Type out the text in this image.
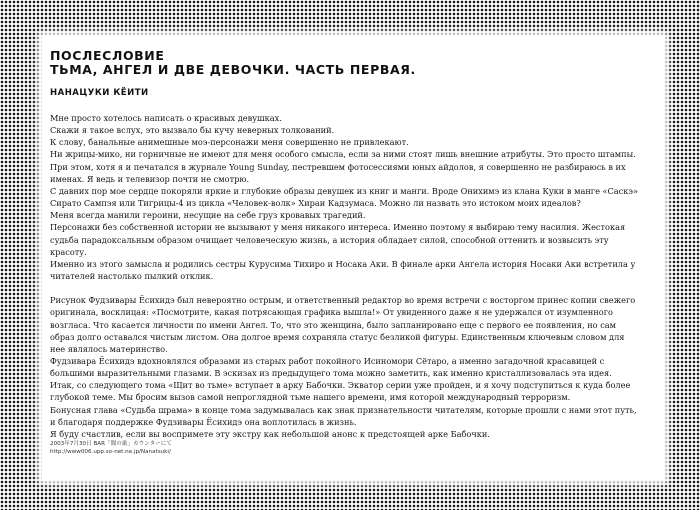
ПОСЛЕСЛОВИЕ
ТЬМА, АНГЕЛ И ДВЕ ДЕВОЧКИ. ЧАСТЬ ПЕРВАЯ.
НАНАЦУКИ КЁИТИ

Мне просто хотелось написать о красивых девушках.

Скажи я такое вслух, это вызвало бы кучу неверных толкований.

К слову, банальные анимешные моэ-персонажи меня совершенно не привлекают.

Ни жрицы-мико, ни горничные не имеют для меня особого смысла, если за ними стоят лишь внешние атрибуты. Это просто штампы. При этом, хотя я и печатался в журнале Young Sunday, пестревшем фотосессиями юных айдолов, я совершенно не разбираюсь в их именах. Я ведь и телевизор почти не смотрю.

С давних пор мое сердце покоряли яркие и глубокие образы девушек из книг и манги. Вроде Онихимэ из клана Куки в манге «Саскэ» Сирато Сампэя или Тигрицы-4 из цикла «Человек-волк» Хираи Кадзумаса. Можно ли назвать это истоком моих идеалов?

Меня всегда манили героини, несущие на себе груз кровавых трагедий.

Персонажи без собственной истории не вызывают у меня никакого интереса. Именно поэтому я выбираю тему насилия. Жестокая судьба парадоксальным образом очищает человеческую жизнь, а история обладает силой, способной оттенить и возвысить эту красоту.

Именно из этого замысла и родились сестры Курусима Тихиро и Носака Аки. В финале арки Ангела история Носаки Аки встретила у читателей настолько пылкий отклик.

Рисунок Фудзивары Ёсихидэ был невероятно острым, и ответственный редактор во время встречи с восторгом принес копии свежего оригинала, восклицая: «Посмотрите, какая потрясающая графика вышла!» От увиденного даже я не удержался от изумленного возгласа. Что касается личности по имени Ангел. То, что это женщина, было запланировано еще с первого ее появления, но сам образ долго оставался чистым листом. Она долгое время сохраняла статус безликой фигуры. Единственным ключевым словом для нее являлось материнство.

Фудзивара Ёсихидэ вдохновлялся образами из старых работ покойного Исиномори Сётаро, а именно загадочной красавицей с большими выразительными глазами. В эскизах из предыдущего тома можно заметить, как именно кристаллизовалась эта идея.

Итак, со следующего тома «Щит во тьме» вступает в арку Бабочки. Экватор серии уже пройден, и я хочу подступиться к куда более глубокой теме. Мы бросим вызов самой непроглядной тьме нашего времени, имя которой международный терроризм.

Бонусная глава «Судьба шрама» в конце тома задумывалась как знак признательности читателям, которые прошли с нами этот путь, и благодаря поддержке Фудзивары Ёсихидэ она воплотилась в жизнь.

Я буду счастлив, если вы воспримете эту экстру как небольшой анонс к предстоящей арке Бабочки.

2003年7月30日 BAR「闇の巣」カウンターにて
http://www006.upp.so-net.ne.jp/Nanatsuki/
